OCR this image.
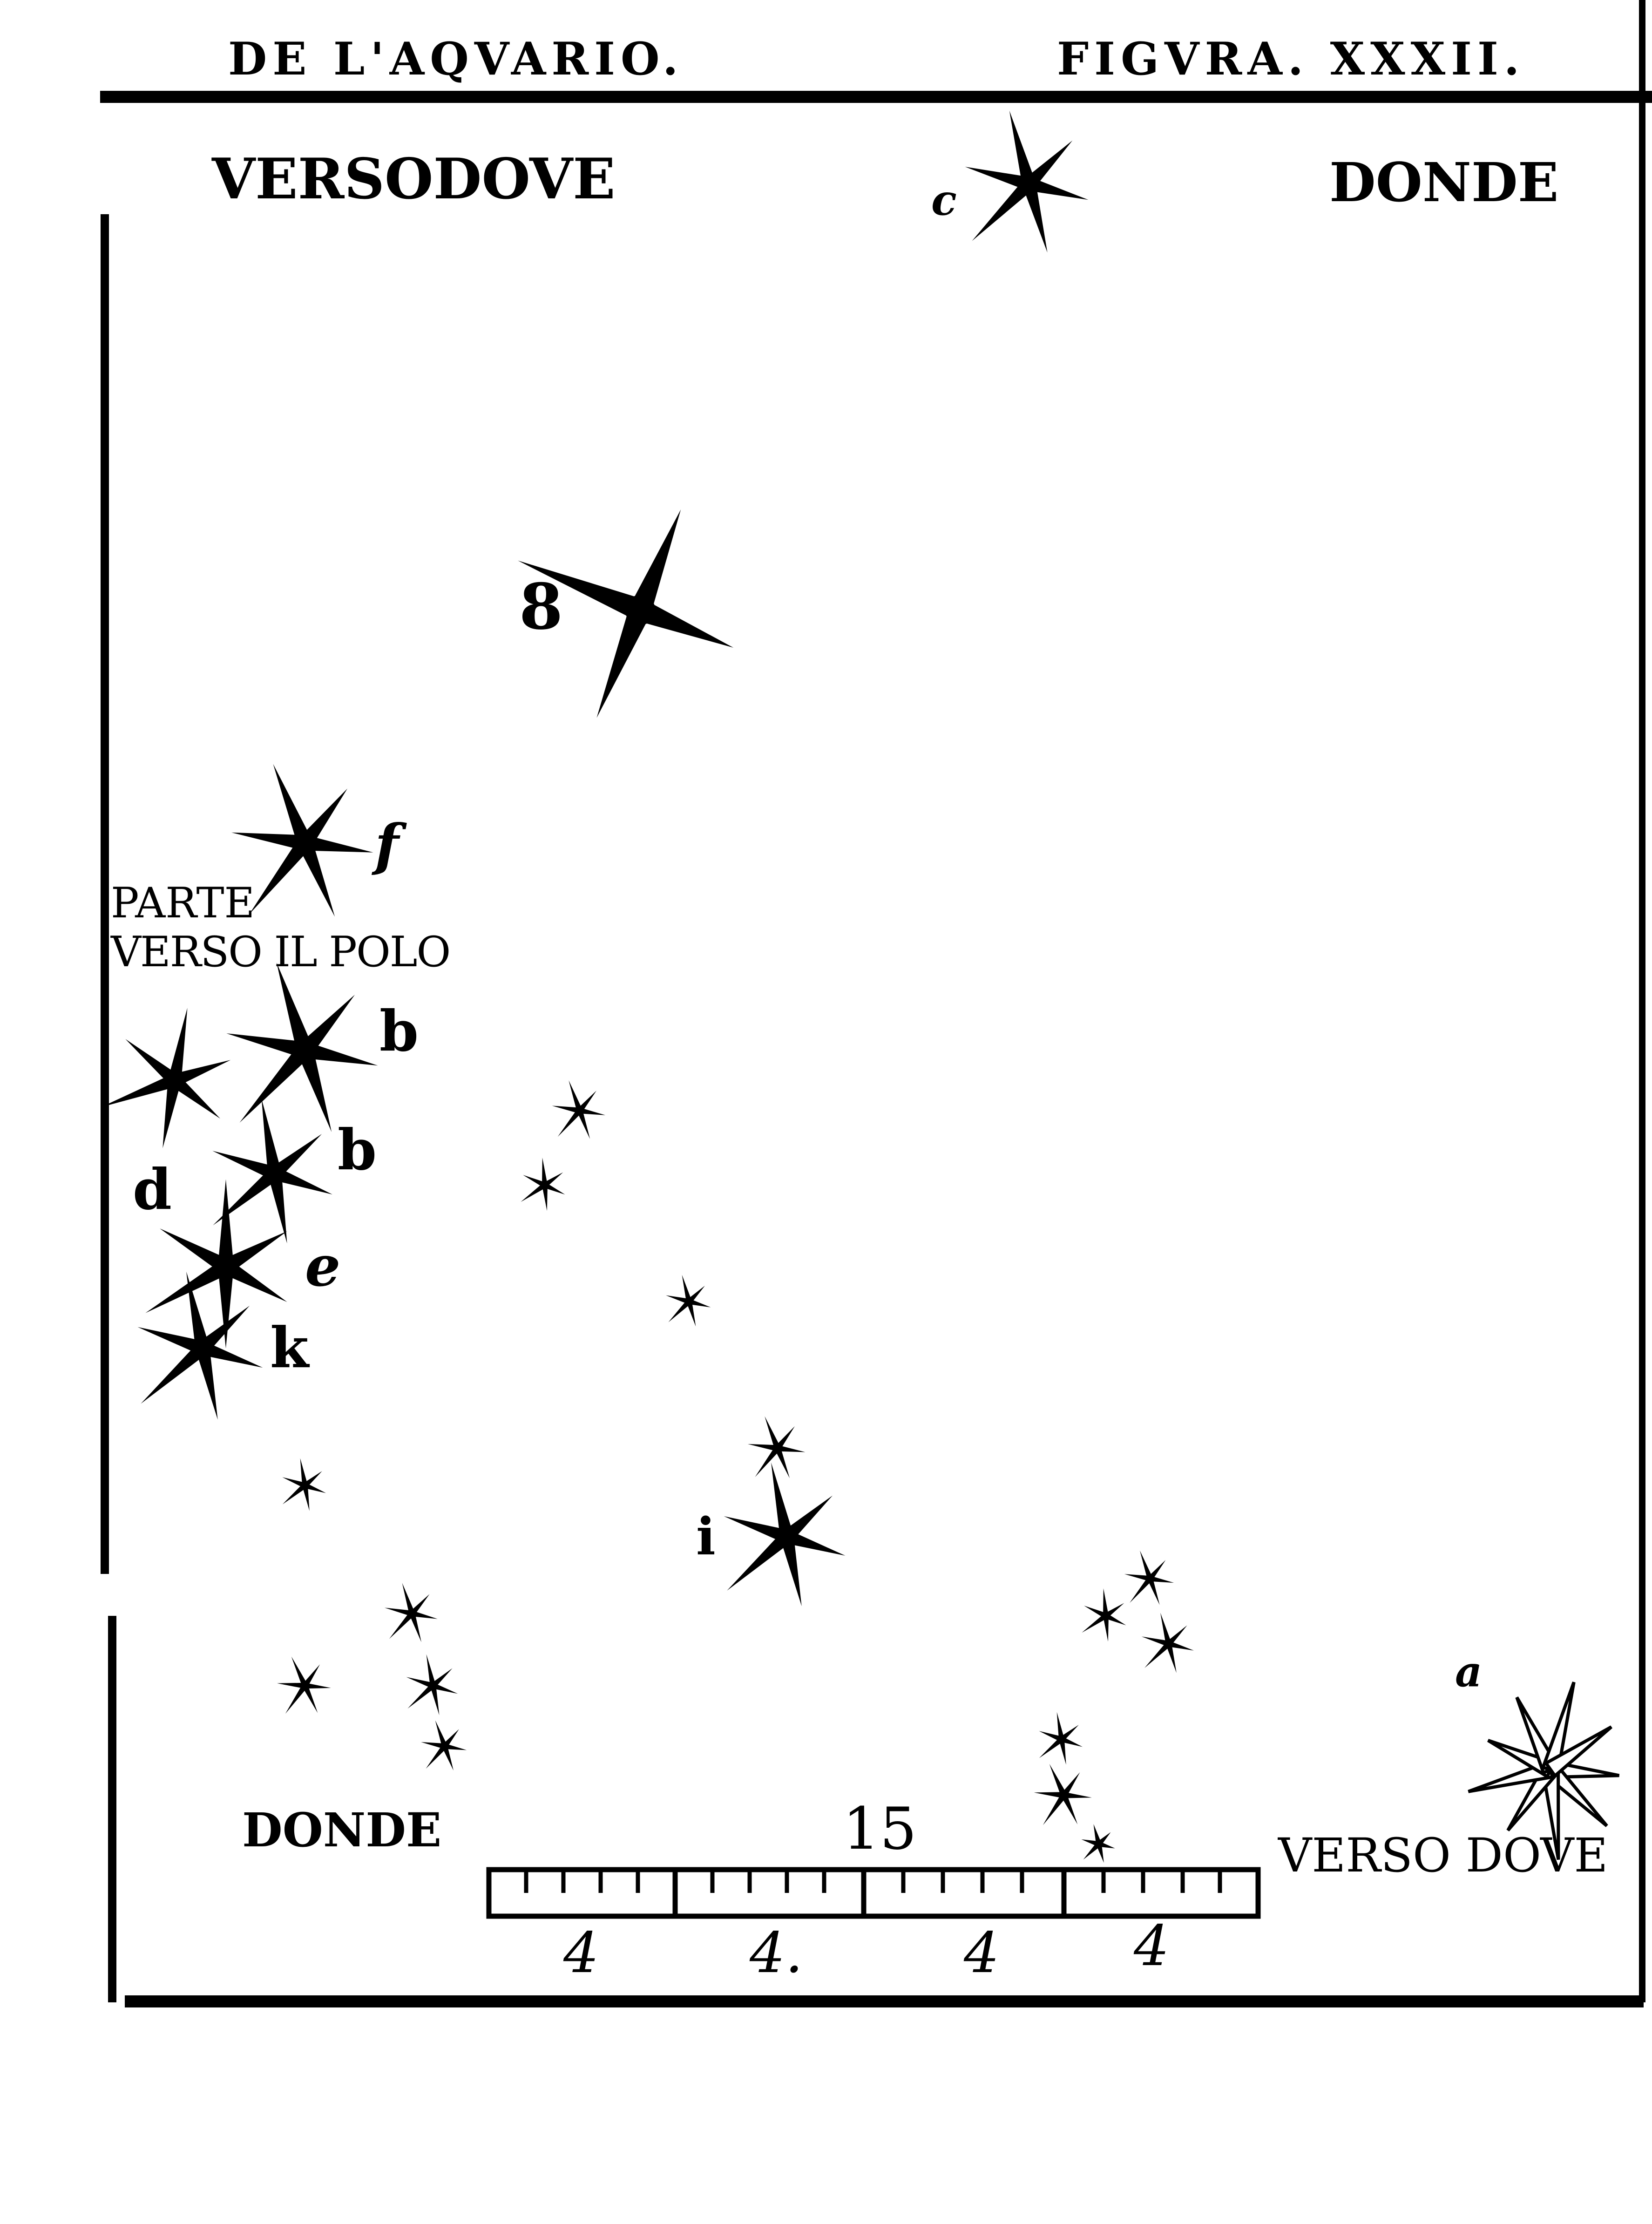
DE L'AQVARIO.	FIGVRA. XXXII.
VERSODOVE	DONDE
PARTE
VERSO IL POLO
DONDE	VERSO DOVE
c
8
f
b
d
b
e
k
i
a
15
4	4.	4 4
